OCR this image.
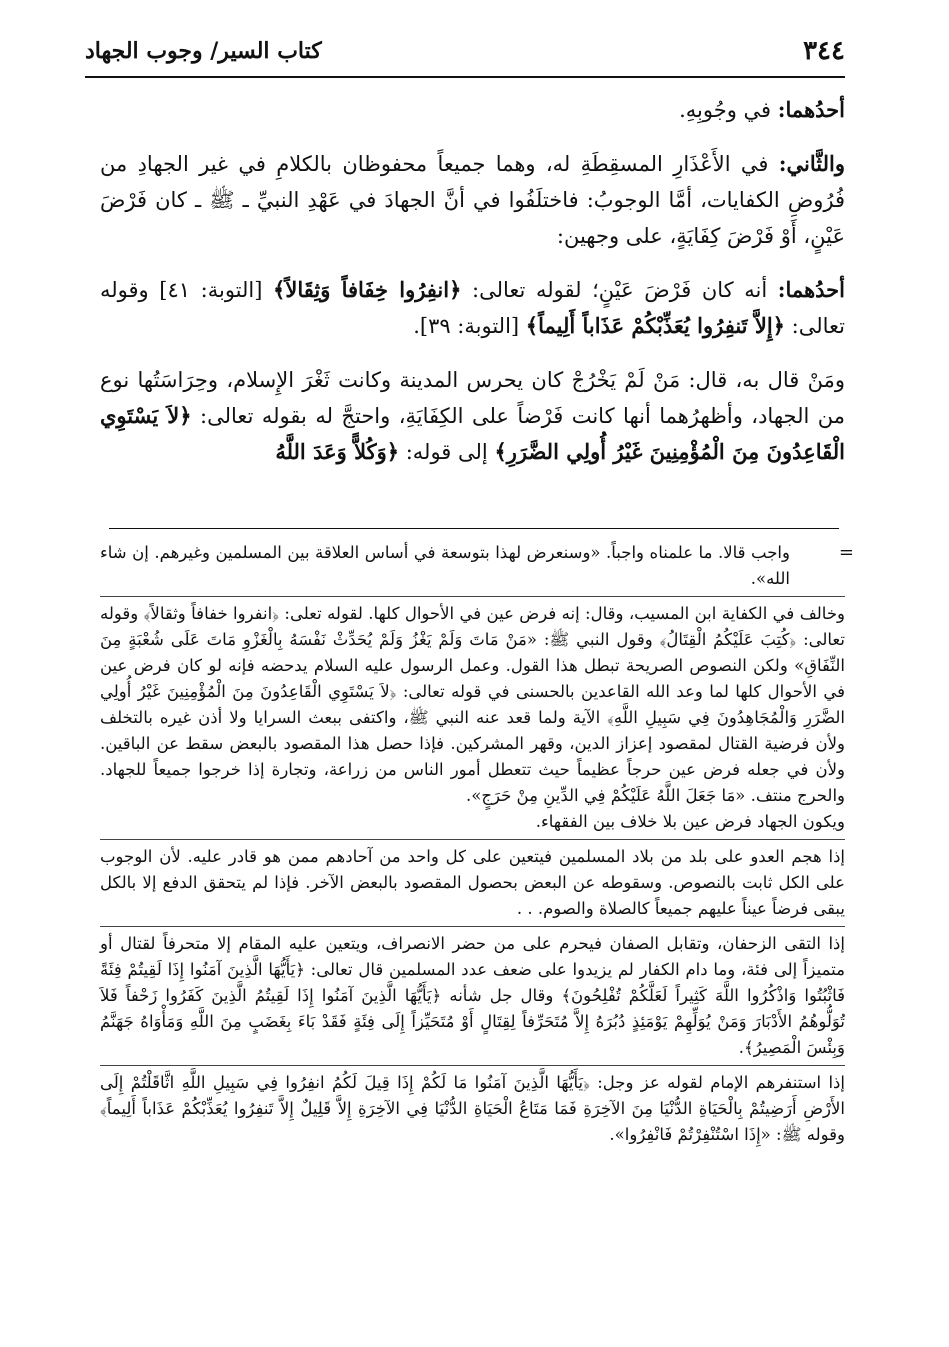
٣٤٤
كتاب السير/ وجوب الجهاد

أحدُهما: في وجُوبِهِ.

والثَّاني: في الأَعْذَارِ المسقِطَةِ له، وهما جميعاً محفوظان بالكلامِ في غير الجهادِ من فُرُوضِ الكفايات، أمَّا الوجوبُ: فاختلَفُوا في أنَّ الجهادَ في عَهْدِ النبيِّ ـ ﷺ ـ كان فَرْضَ عَيْنٍ، أَوْ فَرْضَ كِفَايَةٍ، على وجهين:

أحدُهما: أنه كان فَرْضَ عَيْنٍ؛ لقوله تعالى: ﴿انفِرُوا خِفَافاً وَثِقَالاً﴾ [التوبة: ٤١] وقوله تعالى: ﴿إِلاَّ تَنفِرُوا يُعَذِّبْكُمْ عَذَاباً أَلِيماً﴾ [التوبة: ٣٩].

ومَنْ قال به، قال: مَنْ لَمْ يَخْرُجْ كان يحرس المدينة وكانت ثَغْرَ الإِسلام، وحِرَاسَتُها نوع من الجهاد، وأظهرُهما أنها كانت فَرْضاً على الكِفَايَةِ، واحتجَّ له بقوله تعالى: ﴿لاَ يَسْتَوِي الْقَاعِدُونَ مِنَ الْمُؤْمِنِينَ غَيْرُ أُولِي الضَّرَرِ﴾ إلى قوله: ﴿وَكُلاًّ وَعَدَ اللَّهُ

=

واجب قالا. ما علمناه واجباً. «وسنعرض لهذا بتوسعة في أساس العلاقة بين المسلمين وغيرهم. إن شاء الله».

وخالف في الكفاية ابن المسيب، وقال: إنه فرض عين في الأحوال كلها. لقوله تعلى: ﴿انفروا خفافاً وثقالاً﴾ وقوله تعالى: ﴿كُتِبَ عَلَيْكُمُ الْقِتَالُ﴾ وقول النبي ﷺ: «مَنْ مَاتَ وَلَمْ يَغْزُ وَلَمْ يُحَدِّثْ نَفْسَهُ بِالْغَزْوِ مَاتَ عَلَى شُعْبَةٍ مِنَ النِّفَاقِ» ولكن النصوص الصريحة تبطل هذا القول. وعمل الرسول عليه السلام يدحضه فإنه لو كان فرض عين في الأحوال كلها لما وعد الله القاعدين بالحسنى في قوله تعالى: ﴿لاَ يَسْتَوِي الْقَاعِدُونَ مِنَ الْمُؤْمِنِينَ غَيْرُ أُولِي الضَّرَرِ وَالْمُجَاهِدُونَ فِي سَبِيلِ اللَّهِ﴾ الآية ولما قعد عنه النبي ﷺ، واكتفى ببعث السرايا ولا أذن غيره بالتخلف ولأن فرضية القتال لمقصود إعزاز الدين، وقهر المشركين. فإذا حصل هذا المقصود بالبعض سقط عن الباقين. ولأن في جعله فرض عين حرجاً عظيماً حيث تتعطل أمور الناس من زراعة، وتجارة إذا خرجوا جميعاً للجهاد. والحرج منتف. «مَا جَعَلَ اللَّهُ عَلَيْكُمْ فِي الدِّينِ مِنْ حَرَجٍ».

ويكون الجهاد فرض عين بلا خلاف بين الفقهاء.

إذا هجم العدو على بلد من بلاد المسلمين فيتعين على كل واحد من آحادهم ممن هو قادر عليه. لأن الوجوب على الكل ثابت بالنصوص. وسقوطه عن البعض بحصول المقصود بالبعض الآخر. فإذا لم يتحقق الدفع إلا بالكل يبقى فرضاً عيناً عليهم جميعاً كالصلاة والصوم. . .

إذا التقى الزحفان، وتقابل الصفان فيحرم على من حضر الانصراف، ويتعين عليه المقام إلا متحرفاً لقتال أو متميزاً إلى فئة، وما دام الكفار لم يزيدوا على ضعف عدد المسلمين قال تعالى: ﴿يَأَيُّهَا الَّذِينَ آمَنُوا إِذَا لَقِيتُمْ فِئَةً فَاثْبُتُوا وَاذْكُرُوا اللَّهَ كَثِيراً لَعَلَّكُمْ تُفْلِحُونَ﴾ وقال جل شأنه ﴿يَأَيُّهَا الَّذِينَ آمَنُوا إِذَا لَقِيتُمُ الَّذِينَ كَفَرُوا زَحْفاً فَلاَ تُوَلُّوهُمُ الأَدْبَارَ وَمَنْ يُوَلِّهِمْ يَوْمَئِذٍ دُبُرَهُ إِلاَّ مُتَحَرِّفاً لِقِتَالٍ أَوْ مُتَحَيِّزاً إِلَى فِئَةٍ فَقَدْ بَاءَ بِغَضَبٍ مِنَ اللَّهِ وَمَأْوَاهُ جَهَنَّمُ وَبِئْسَ الْمَصِيرُ﴾.

إذا استنفرهم الإمام لقوله عز وجل: ﴿يَأَيُّهَا الَّذِينَ آمَنُوا مَا لَكُمْ إِذَا قِيلَ لَكُمُ انفِرُوا فِي سَبِيلِ اللَّهِ اثَّاقَلْتُمْ إِلَى الأَرْضِ أَرَضِيتُمْ بِالْحَيَاةِ الدُّنْيَا مِنَ الآخِرَةِ فَمَا مَتَاعُ الْحَيَاةِ الدُّنْيَا فِي الآخِرَةِ إِلاَّ قَلِيلٌ إِلاَّ تَنفِرُوا يُعَذِّبْكُمْ عَذَاباً أَلِيماً﴾ وقوله ﷺ: «إِذَا اسْتُنْفِرْتُمْ فَانْفِرُوا».
